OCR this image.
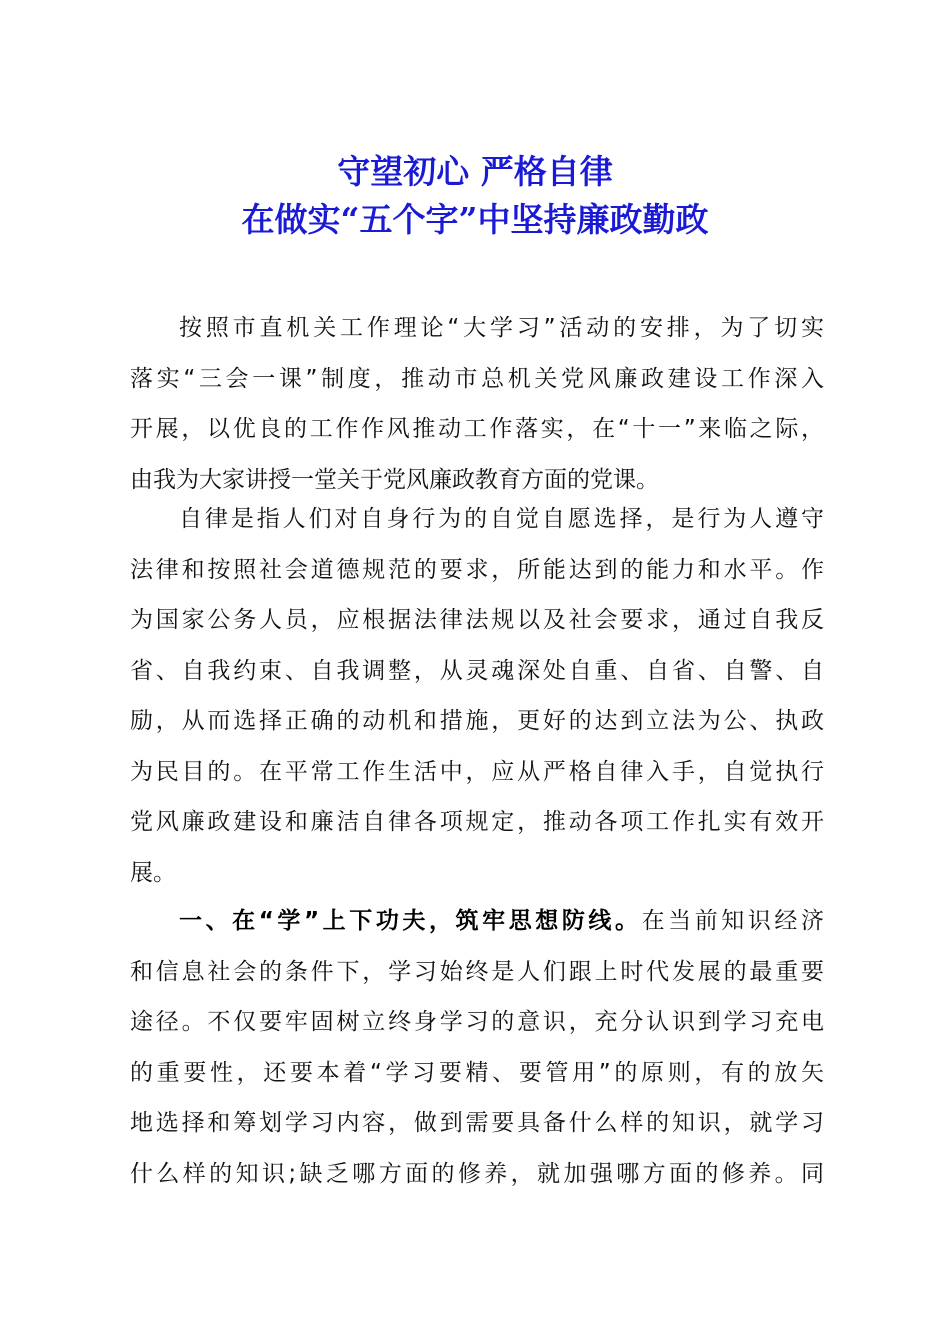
守望初心 严格自律
在做实“五个字”中坚持廉政勤政
按照市直机关工作理论“大学习”活动的安排，为了切实
落实“三会一课”制度，推动市总机关党风廉政建设工作深入
开展，以优良的工作作风推动工作落实，在“十一”来临之际，
由我为大家讲授一堂关于党风廉政教育方面的党课。
自律是指人们对自身行为的自觉自愿选择，是行为人遵守
法律和按照社会道德规范的要求，所能达到的能力和水平。作
为国家公务人员，应根据法律法规以及社会要求，通过自我反
省、自我约束、自我调整，从灵魂深处自重、自省、自警、自
励，从而选择正确的动机和措施，更好的达到立法为公、执政
为民目的。在平常工作生活中，应从严格自律入手，自觉执行
党风廉政建设和廉洁自律各项规定，推动各项工作扎实有效开
展。
一、在“学”上下功夫，筑牢思想防线。在当前知识经济
和信息社会的条件下，学习始终是人们跟上时代发展的最重要
途径。不仅要牢固树立终身学习的意识，充分认识到学习充电
的重要性，还要本着“学习要精、要管用”的原则，有的放矢
地选择和筹划学习内容，做到需要具备什么样的知识，就学习
什么样的知识;缺乏哪方面的修养，就加强哪方面的修养。同
